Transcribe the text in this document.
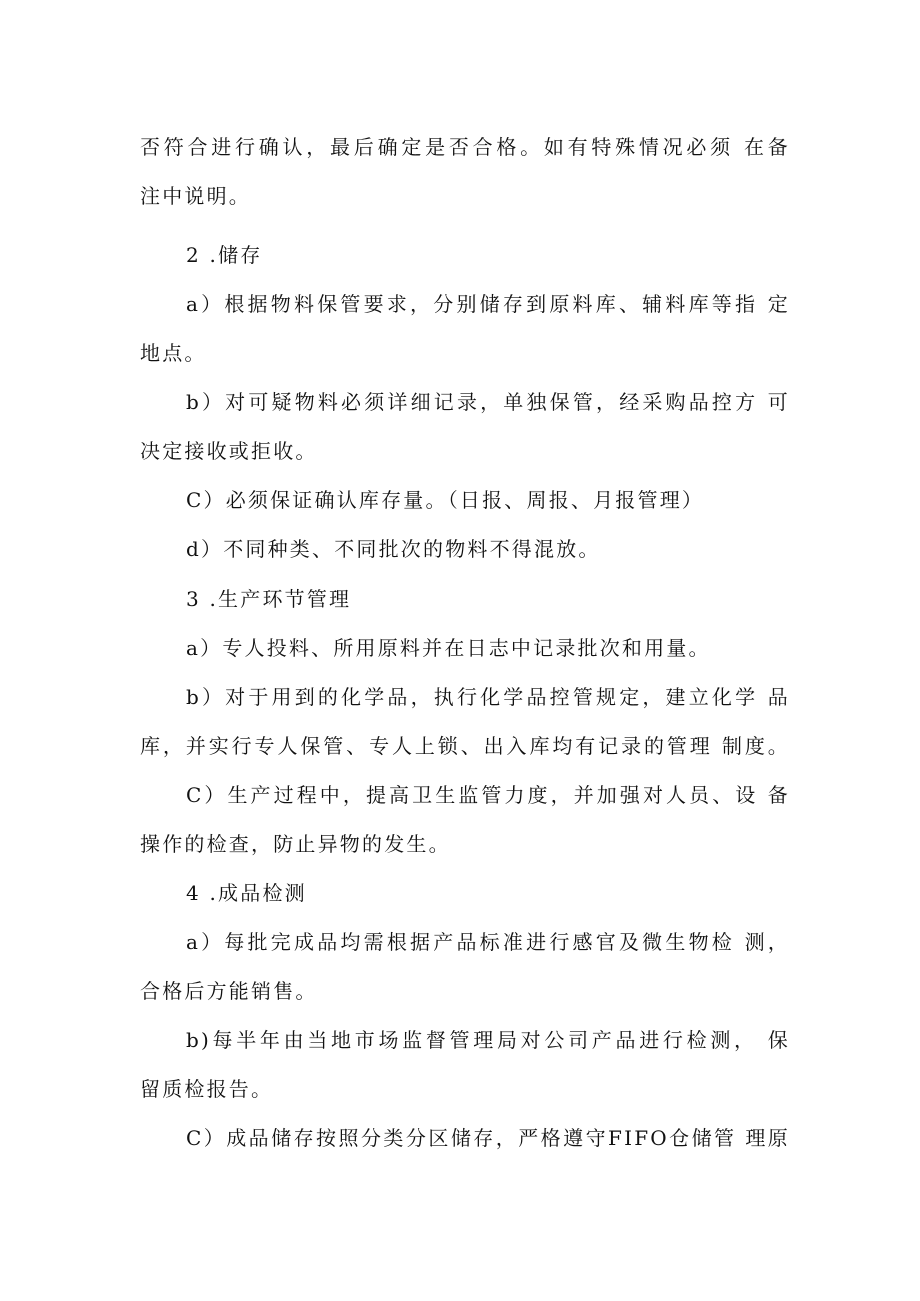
否符合进行确认，最后确定是否合格。如有特殊情况必须 在备
注中说明。
2 .储存
a）根据物料保管要求，分别储存到原料库、辅料库等指 定
地点。
b）对可疑物料必须详细记录，单独保管，经采购品控方 可
决定接收或拒收。
C）必须保证确认库存量。（日报、周报、月报管理）
d）不同种类、不同批次的物料不得混放。
3 .生产环节管理
a）专人投料、所用原料并在日志中记录批次和用量。
b）对于用到的化学品，执行化学品控管规定，建立化学 品
库，并实行专人保管、专人上锁、出入库均有记录的管理 制度。
C）生产过程中，提高卫生监管力度，并加强对人员、设 备
操作的检查，防止异物的发生。
4 .成品检测
a）每批完成品均需根据产品标准进行感官及微生物检 测，
合格后方能销售。
b)每半年由当地市场监督管理局对公司产品进行检测， 保
留质检报告。
C）成品储存按照分类分区储存，严格遵守FIFO仓储管 理原
